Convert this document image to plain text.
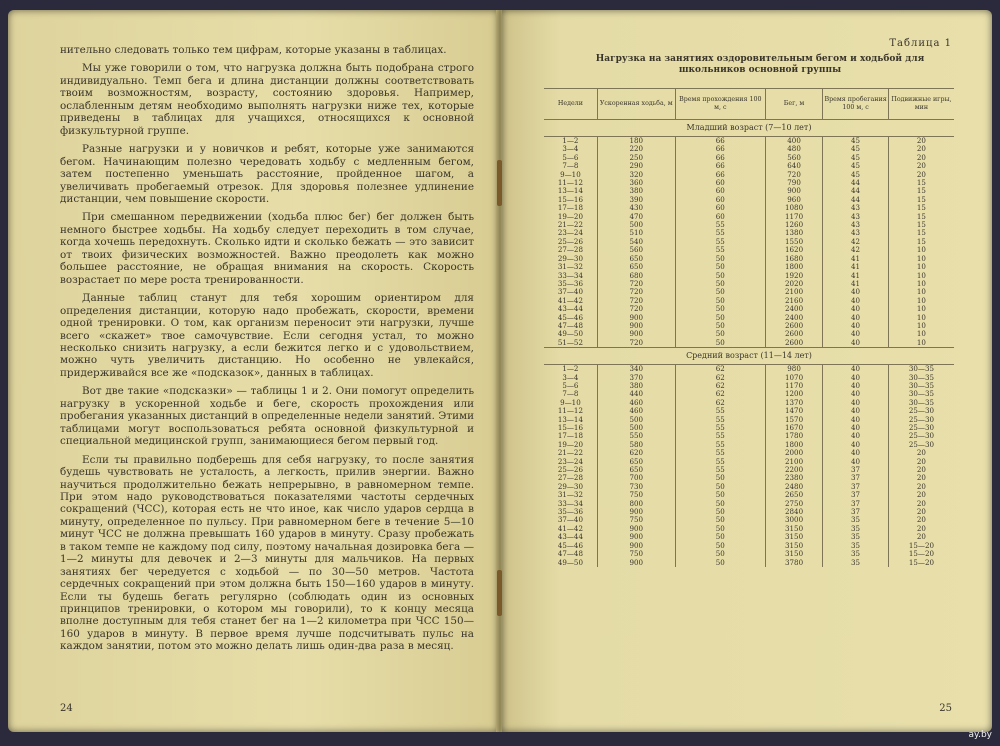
нительно следовать только тем цифрам, которые указаны в таблицах.

Мы уже говорили о том, что нагрузка должна быть подобрана строго индивидуально. Темп бега и длина дистанции должны соответствовать твоим возможностям, возрасту, состоянию здоровья. Например, ослабленным детям необходимо выполнять нагрузки ниже тех, которые приведены в таблицах для учащихся, относящихся к основной физкультурной группе.

Разные нагрузки и у новичков и ребят, которые уже занимаются бегом. Начинающим полезно чередовать ходьбу с медленным бегом, затем постепенно уменьшать расстояние, пройденное шагом, а увеличивать пробегаемый отрезок. Для здоровья полезнее удлинение дистанции, чем повышение скорости.

При смешанном передвижении (ходьба плюс бег) бег должен быть немного быстрее ходьбы. На ходьбу следует переходить в том случае, когда хочешь передохнуть. Сколько идти и сколько бежать — это зависит от твоих физических возможностей. Важно преодолеть как можно большее расстояние, не обращая внимания на скорость. Скорость возрастает по мере роста тренированности.

Данные таблиц станут для тебя хорошим ориентиром для определения дистанции, которую надо пробежать, скорости, времени одной тренировки. О том, как организм переносит эти нагрузки, лучше всего «скажет» твое самочувствие. Если сегодня устал, то можно несколько снизить нагрузку, а если бежится легко и с удовольствием, можно чуть увеличить дистанцию. Но особенно не увлекайся, придерживайся все же «подсказок», данных в таблицах.

Вот две такие «подсказки» — таблицы 1 и 2. Они помогут определить нагрузку в ускоренной ходьбе и беге, скорость прохождения или пробегания указанных дистанций в определенные недели занятий. Этими таблицами могут воспользоваться ребята основной физкультурной и специальной медицинской групп, занимающиеся бегом первый год.

Если ты правильно подберешь для себя нагрузку, то после занятия будешь чувствовать не усталость, а легкость, прилив энергии. Важно научиться продолжительно бежать непрерывно, в равномерном темпе. При этом надо руководствоваться показателями частоты сердечных сокращений (ЧСС), которая есть не что иное, как число ударов сердца в минуту, определенное по пульсу. При равномерном беге в течение 5—10 минут ЧСС не должна превышать 160 ударов в минуту. Сразу пробежать в таком темпе не каждому под силу, поэтому начальная дозировка бега — 1—2 минуты для девочек и 2—3 минуты для мальчиков. На первых занятиях бег чередуется с ходьбой — по 30—50 метров. Частота сердечных сокращений при этом должна быть 150—160 ударов в минуту. Если ты будешь бегать регулярно (соблюдать один из основных принципов тренировки, о котором мы говорили), то к концу месяца вполне доступным для тебя станет бег на 1—2 километра при ЧСС 150—160 ударов в минуту. В первое время лучше подсчитывать пульс на каждом занятии, потом это можно делать лишь один-два раза в месяц.

24
Таблица 1
Нагрузка на занятиях оздоровительным бегом и ходьбой для школьников основной группы
Недели	Ускоренная ходьба, м	Время прохождения 100 м, с	Бег, м	Время пробегания 100 м, с	Подвижные игры, мин
Младший возраст (7—10 лет)					
1—2	180	66	400	45	20
3—4	220	66	480	45	20
5—6	250	66	560	45	20
7—8	290	66	640	45	20
9—10	320	66	720	45	20
11—12	360	60	790	44	15
13—14	380	60	900	44	15
15—16	390	60	960	44	15
17—18	430	60	1080	43	15
19—20	470	60	1170	43	15
21—22	500	55	1260	43	15
23—24	510	55	1380	43	15
25—26	540	55	1550	42	15
27—28	560	55	1620	42	10
29—30	650	50	1680	41	10
31—32	650	50	1800	41	10
33—34	680	50	1920	41	10
35—36	720	50	2020	41	10
37—40	720	50	2100	40	10
41—42	720	50	2160	40	10
43—44	720	50	2400	40	10
45—46	900	50	2400	40	10
47—48	900	50	2600	40	10
49—50	900	50	2600	40	10
51—52	720	50	2600	40	10
Средний возраст (11—14 лет)					
1—2	340	62	980	40	30—35
3—4	370	62	1070	40	30—35
5—6	380	62	1170	40	30—35
7—8	440	62	1200	40	30—35
9—10	460	62	1370	40	30—35
11—12	460	55	1470	40	25—30
13—14	500	55	1570	40	25—30
15—16	500	55	1670	40	25—30
17—18	550	55	1780	40	25—30
19—20	580	55	1800	40	25—30
21—22	620	55	2000	40	20
23—24	650	55	2100	40	20
25—26	650	55	2200	37	20
27—28	700	50	2380	37	20
29—30	730	50	2480	37	20
31—32	750	50	2650	37	20
33—34	800	50	2750	37	20
35—36	900	50	2840	37	20
37—40	750	50	3000	35	20
41—42	900	50	3150	35	20
43—44	900	50	3150	35	20
45—46	900	50	3150	35	15—20
47—48	750	50	3150	35	15—20
49—50	900	50	3780	35	15—20
25
ay.by
